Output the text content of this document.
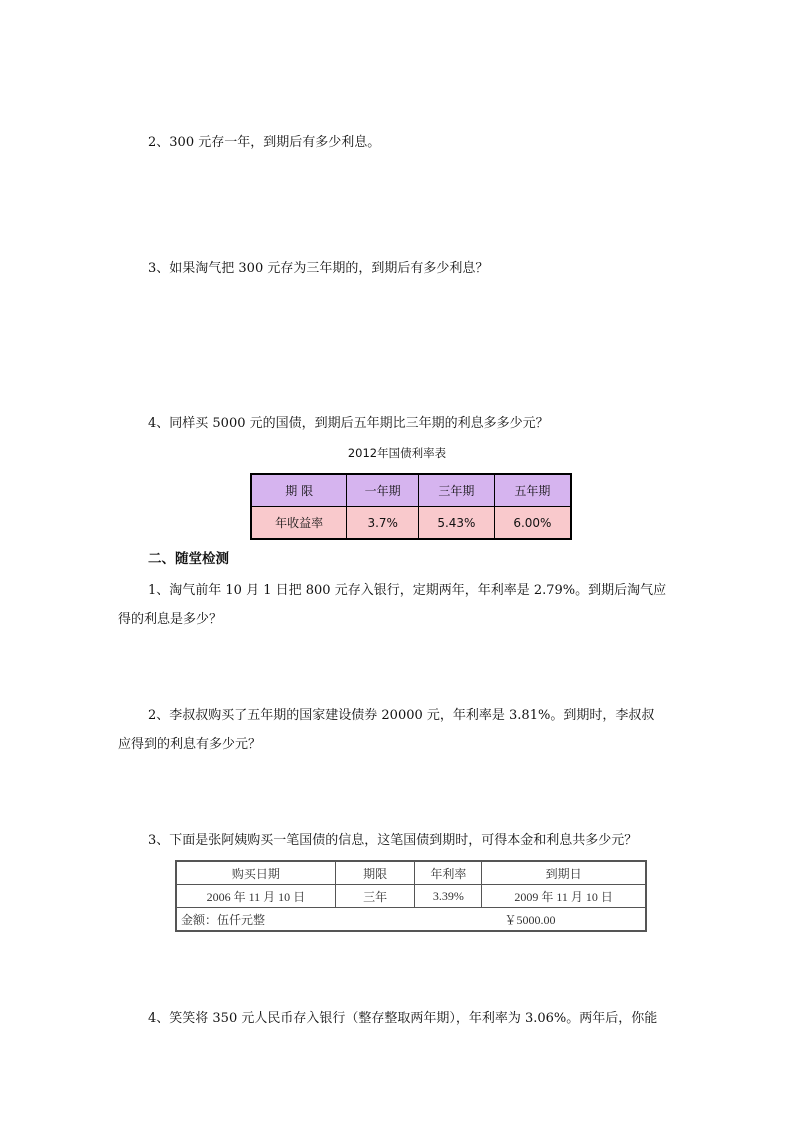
2、300 元存一年，到期后有多少利息。
3、如果淘气把 300 元存为三年期的，到期后有多少利息？
4、同样买 5000 元的国债，到期后五年期比三年期的利息多多少元？
2012年国债利率表
期 限	一年期	三年期	五年期
年收益率	3.7%	5.43%	6.00%
二、随堂检测
1、淘气前年 10 月 1 日把 800 元存入银行，定期两年，年利率是 2.79%。到期后淘气应
得的利息是多少？
2、李叔叔购买了五年期的国家建设债券 20000 元，年利率是 3.81%。到期时，李叔叔
应得到的利息有多少元？
3、下面是张阿姨购买一笔国债的信息，这笔国债到期时，可得本金和利息共多少元？
购买日期	期限	年利率	到期日
2006 年 11 月 10 日	三年	3.39%	2009 年 11 月 10 日
金额：伍仟元整		￥5000.00	
4、笑笑将 350 元人民币存入银行（整存整取两年期），年利率为 3.06%。两年后，你能
